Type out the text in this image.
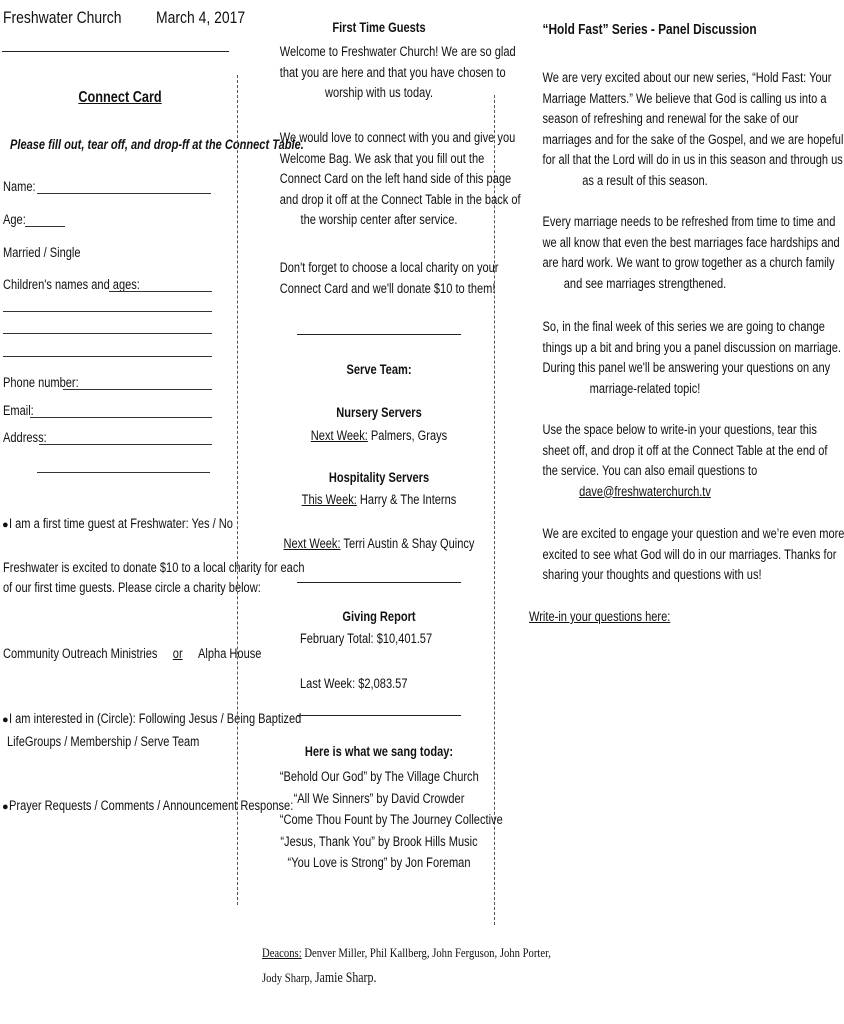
Freshwater Church March 4, 2017
Connect Card
Please fill out, tear off, and drop-ff at the Connect Table.
Name:
Age:
Married / Single
Children's names and ages:
Phone number:
Email:
Address:
●I am a first time guest at Freshwater: Yes / No
Freshwater is excited to donate $10 to a local charity for each
of our first time guests. Please circle a charity below:
Community Outreach Ministries or Alpha House
●I am interested in (Circle): Following Jesus / Being Baptized
LifeGroups / Membership / Serve Team
●Prayer Requests / Comments / Announcement Response:
First Time Guests
Welcome to Freshwater Church! We are so glad
that you are here and that you have chosen to
worship with us today.
We would love to connect with you and give you
Welcome Bag. We ask that you fill out the
Connect Card on the left hand side of this page
and drop it off at the Connect Table in the back of
the worship center after service.
Don't forget to choose a local charity on your
Connect Card and we'll donate $10 to them!
Serve Team:
Nursery Servers
Next Week: Palmers, Grays
Hospitality Servers
This Week: Harry & The Interns
Next Week: Terri Austin & Shay Quincy
Giving Report
February Total: $10,401.57
Last Week: $2,083.57
Here is what we sang today:
“Behold Our God” by The Village Church
“All We Sinners” by David Crowder
“Come Thou Fount by The Journey Collective
“Jesus, Thank You” by Brook Hills Music
“You Love is Strong” by Jon Foreman
Deacons: Denver Miller, Phil Kallberg, John Ferguson, John Porter,
Jody Sharp, Jamie Sharp.
“Hold Fast” Series - Panel Discussion
We are very excited about our new series, “Hold Fast: Your
Marriage Matters.” We believe that God is calling us into a
season of refreshing and renewal for the sake of our
marriages and for the sake of the Gospel, and we are hopeful
for all that the Lord will do in us in this season and through us
as a result of this season.
Every marriage needs to be refreshed from time to time and
we all know that even the best marriages face hardships and
are hard work. We want to grow together as a church family
and see marriages strengthened.
So, in the final week of this series we are going to change
things up a bit and bring you a panel discussion on marriage.
During this panel we'll be answering your questions on any
marriage-related topic!
Use the space below to write-in your questions, tear this
sheet off, and drop it off at the Connect Table at the end of
the service. You can also email questions to
dave@freshwaterchurch.tv
We are excited to engage your question and we’re even more
excited to see what God will do in our marriages. Thanks for
sharing your thoughts and questions with us!
Write-in your questions here:
